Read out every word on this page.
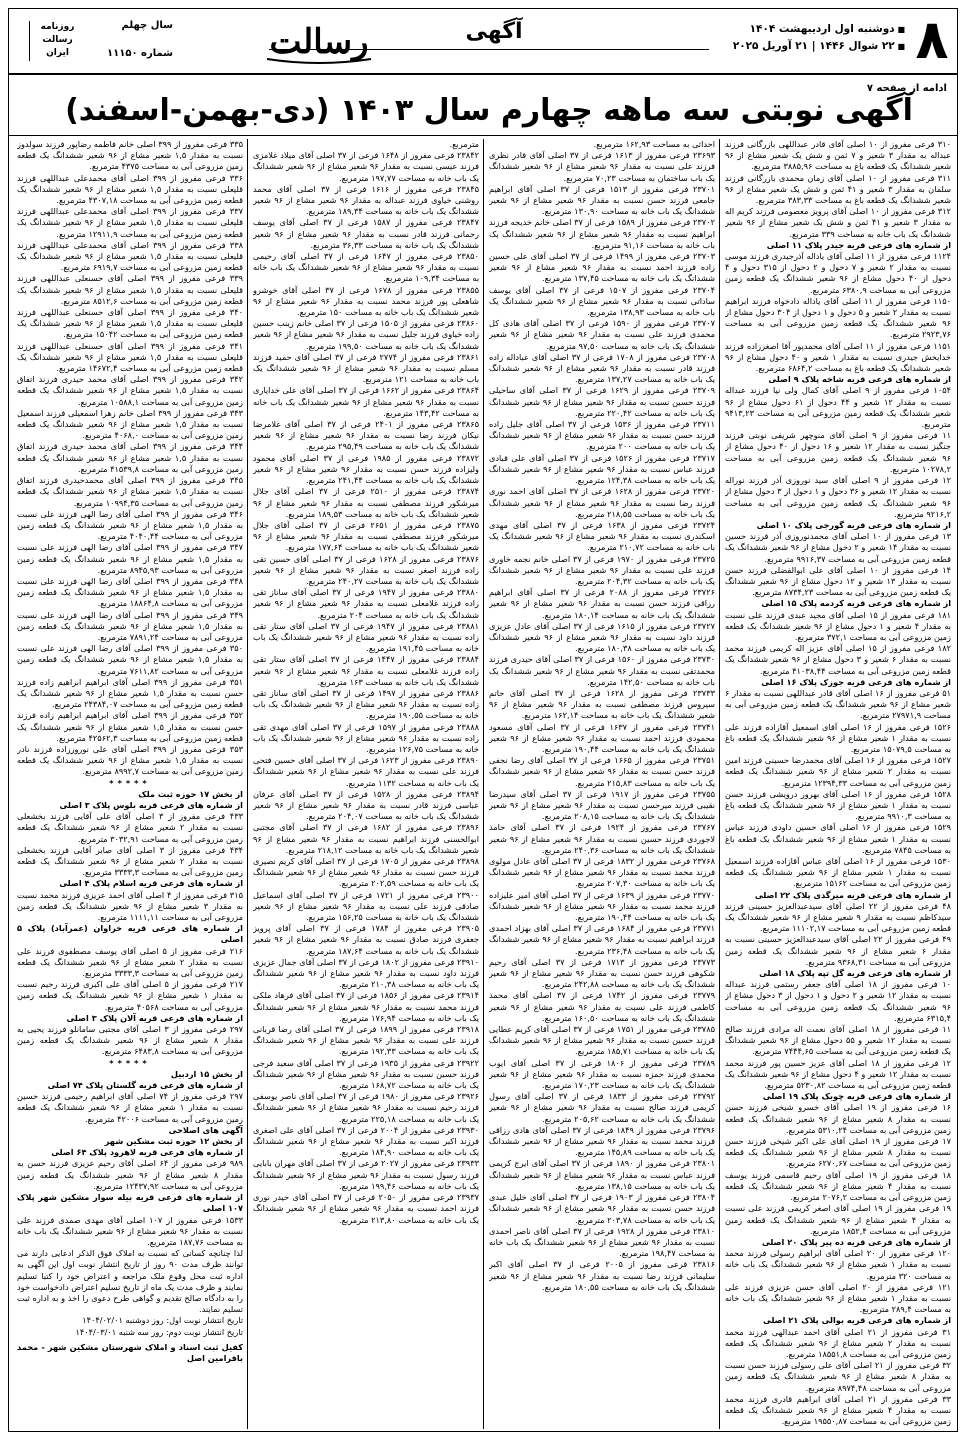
۸
■ دوشنبه اول اردیبهشت ۱۴۰۴
■ ۲۲ شوال ۱۴۴۶ | ۲۱ آوریل ۲۰۲۵
آگهی
رسالت
سال چهلم
شماره ۱۱۱۵۰
روزنامه
رسالت
ایران
ادامه از صفحه ۷
آگهی نوبتی سه ماهه چهارم سال ۱۴۰۳ (دی-بهمن-اسفند)
۳۱۰ فرعی مفروز از ۱۰ اصلی آقای قادر عبداللهی بازرگانی فرزند عبداله به مقدار ۳ شعیر و ۷ ثمن و شش یک شعیر مشاع از ۹۶ شعیر ششدانگ یک قطعه باغ به مساحت ۳۸۸۵,۹۶ مترمربع.
۳۱۱ فرعی مفروز از ۱۰ اصلی آقای زمان محمدی بازرگانی فرزند سلمان به مقدار ۳ شعیر و ۴۱ ثمن و شش یک شعیر مشاع از ۹۶ شعیر ششدانگ یک قطعه باغ به مساحت ۳۸۳,۳۳ مترمربع.
۳۱۲ فرعی مفروز از ۱۰ اصلی آقای پرویز معصومی فرزند کریم اله به مقدار ۳ شعیر و ۴۱ ثمن و شش یک شعیر مشاع از ۹۶ شعیر ششدانگ یک باب خانه به مساحت ۳۳۹ مترمربع.
از شماره های فرعی قریه جیدر پلاک ۱۱ اصلی
۱۱۲۴ فرعی مفروز از ۱۱ اصلی آقای یاداله آذرجیدری فرزند موسی نسبت به مقدار ۲ شعیر و ۷ دحول و ۲ دحول از ۳۱۵ دحول و ۴ دحول از ۴۰ دحول مشاع از ۹۶ شعیر ششدانگ یک قطعه زمین مزروعی آبی به مساحت ۶۳۸۰,۹ مترمربع.
۱۱۵۰ فرعی مفروز از ۱۱ اصلی آقای یاداله دادخواه فرزند ابراهیم نسبت به مقدار ۲ شعیر و ۵ دحول و ۱ دحول از ۳۰۴ دحول مشاع از ۹۶ شعیر ششدانگ یک قطعه زمین مزروعی آبی به مساحت ۲۹۲۳,۷۶ مترمربع.
۱۱۵۱ فرعی مفروز از ۱۱ اصلی آقای محمدپور آقا اصغرزاده فرزند خدابخش جیدری نسبت به مقدار ۱ شعیر و ۴۰ دحول مشاع از ۹۶ شعیر ششدانگ یک قطعه باغ به مساحت ۶۸۶۴,۲ مترمربع.
از شماره های فرعی قریه شاخه پلاک ۹ اصلی
۱۰۵۴ فرعی مفروز از ۹ اصلی آقای کمال ولی نیا فرزند عبداله نسبت به مقدار ۱۲ شعیر و ۴۴ دحول از ۶۱ دحول مشاع از ۹۶ شعیر ششدانگ یک قطعه زمین مزروعی آبی به مساحت ۹۴۱۳,۲۳ مترمربع.
۱۱ فرعی مفروز از ۹ اصلی آقای منوچهر شریفی نوبتی فرزند جنگیز نسبت به مقدار ۱۲ شعیر و ۱۶ دحول از ۴۰ دحول مشاع از ۹۶ شعیر ششدانگ یک قطعه زمین مزروعی آبی به مساحت ۱۰۲۷۸,۲ مترمربع.
۱۲ فرعی مفروز از ۹ اصلی آقای سید نوروزی آذر فرزند نوراله نسبت به مقدار ۱۲ شعیر و ۳۶ دحول و ۱ دحول از ۳ دحول مشاع از ۹۶ شعیر ششدانگ یک قطعه زمین مزروعی آبی به مساحت ۹۲۱۶,۲ مترمربع.
از شماره های فرعی قریه گورجی پلاک ۱۰ اصلی
۱۳ فرعی مفروز از ۱۰ اصلی آقای محمدنوروزی آذر فرزند حسین نسبت به مقدار ۱۴ شعیر و ۲ دحول مشاع از ۹۶ شعیر ششدانگ یک قطعه زمین مزروعی آبی به مساحت ۹۹۱۶,۳۷ مترمربع.
۱۴ فرعی مفروز از ۱۰ اصلی آقای علی ابوالفضلی فرزند حسن نسبت به مقدار ۱۳ شعیر و ۱۲ دحول مشاع از ۹۶ شعیر ششدانگ یک قطعه زمین مزروعی آبی به مساحت ۸۷۳۴,۲۳ مترمربع.
از شماره های فرعی قریه کردمه پلاک ۱۵ اصلی
۱۸۱ فرعی مفروز از ۱۵ اصلی آقای مجید عبدی فرزند علی نسبت به مقدار ۴ شعیر و ۱ دحول مشاع از ۹۶ شعیر ششدانگ یک قطعه زمین مزروعی آبی به مساحت ۳۷۲,۱ مترمربع.
۱۸۲ فرعی مفروز از ۱۵ اصلی آقای عزیز اله کریمی فرزند محمد نسبت به مقدار ۶ شعیر و ۳ دحول مشاع از ۹۶ شعیر ششدانگ یک قطعه زمین مزروعی آبی به مساحت ۴۱۰۳۸,۴۴ مترمربع.
از شماره های فرعی قریه جوزک پلاک ۱۶ اصلی
۵۱ فرعی مفروز از ۱۶ اصلی آقای قادر عبداللهی نسبت به مقدار ۶ شعیر مشاع از ۹۶ شعیر ششدانگ یک قطعه زمین مزروعی آبی به مساحت ۲۷۹۷۱,۹ مترمربع.
۱۵۲۶ فرعی مفروز از ۱۶ اصلی آقای اسمعیل آقازاده فرزند علی نسبت به مقدار ۱ شعیر مشاع از ۹۶ شعیر ششدانگ یک قطعه باغ به مساحت ۱۵۰۷۹,۵ مترمربع.
۱۵۲۷ فرعی مفروز از ۱۶ اصلی آقای محمدرضا حسینی فرزند امین نسبت به مقدار ۲ شعیر مشاع از ۹۶ شعیر ششدانگ یک قطعه زمین مزروعی آبی به مساحت ۱۲۳۹۴,۳۳ مترمربع.
۱۵۲۸ فرعی مفروز از ۱۶ اصلی آقای بهروز درویشی فرزند حسن نسبت به مقدار ۱ شعیر مشاع از ۹۶ شعیر ششدانگ یک قطعه باغ به مساحت ۹۹۱۰,۳ مترمربع.
۱۵۲۹ فرعی مفروز از ۱۶ اصلی آقای حسین داودی فرزند عباس نسبت به مقدار ۱ شعیر مشاع از ۹۶ شعیر ششدانگ یک قطعه باغ به مساحت ۷۸۴۵ مترمربع.
۱۵۳۰ فرعی مفروز از ۱۶ اصلی آقای عباس آقازاده فرزند اسمعیل نسبت به مقدار ۱ شعیر مشاع از ۹۶ شعیر ششدانگ یک قطعه زمین مزروعی آبی به مساحت ۱۵۱۶۲ مترمربع.
از شماره های فرعی قریه میرگدی پلاک ۲۲ اصلی
۴۸ فرعی مفروز از ۲۲ اصلی آقای سیدعبدالعزیز حسینی فرزند سیدکاظم نسبت به مقدار ۹ شعیر مشاع از ۹۶ شعیر ششدانگ یک قطعه زمین مزروعی آبی به مساحت ۱۱۱۰۲,۱۷ مترمربع.
۴۹ فرعی مفروز از ۲۲ اصلی آقای سیدعبدالعزیز حسینی نسبت به مقدار ۶ شعیر مشاع از ۹۶ شعیر ششدانگ یک قطعه زمین مزروعی آبی به مساحت ۹۳۶۸,۳۱ مترمربع.
از شماره های فرعی قریه گل تپه پلاک ۱۸ اصلی
۱۰ فرعی مفروز از ۱۸ اصلی آقای جعفر رستمی فرزند عبداله نسبت به مقدار ۱۲ شعیر و ۲ دحول و ۱ دحول از ۳ دحول مشاع از ۹۶ شعیر ششدانگ یک قطعه زمین مزروعی آبی به مساحت ۶۳۱۵,۴ مترمربع.
۱۱ فرعی مفروز از ۱۸ اصلی آقای نعمت اله مرادی فرزند صالح نسبت به مقدار ۱۲ شعیر و ۵۵ دحول مشاع از ۹۶ شعیر ششدانگ یک قطعه زمین مزروعی آبی به مساحت ۷۴۴۴,۶۵ مترمربع.
۱۲ فرعی مفروز از ۱۸ اصلی آقای عزیز حسین پور فرزند محمد نسبت به مقدار ۱۲ شعیر و ۴ دحول مشاع از ۹۶ شعیر ششدانگ یک قطعه زمین مزروعی آبی به مساحت ۵۲۳۰,۸۲ مترمربع.
از شماره های فرعی قریه چوبک پلاک ۱۹ اصلی
۱۶ فرعی مفروز از ۱۹ اصلی آقای خسرو شیخی فرزند حسن نسبت به مقدار ۸ شعیر مشاع از ۹۶ شعیر ششدانگ یک قطعه زمین مزروعی آبی به مساحت ۵۳۱۰,۲۴ مترمربع.
۱۷ فرعی مفروز از ۱۹ اصلی آقای علی اکبر شیخی فرزند حسن نسبت به مقدار ۸ شعیر مشاع از ۹۶ شعیر ششدانگ یک قطعه زمین مزروعی آبی به مساحت ۶۲۷۰,۶۷ مترمربع.
۱۸ فرعی مفروز از ۱۹ اصلی آقای رحیم قاسمی فرزند یوسف نسبت به مقدار ۴ شعیر مشاع از ۹۶ شعیر ششدانگ یک قطعه زمین مزروعی آبی به مساحت ۲۰۷۶,۲ مترمربع.
۱۹ فرعی مفروز از ۱۹ اصلی آقای اصغر کریمی فرزند علی نسبت به مقدار ۴ شعیر مشاع از ۹۶ شعیر ششدانگ یک قطعه زمین مزروعی آبی به مساحت ۱۸۵۲,۴ مترمربع.
از شماره های فرعی قریه ده پیر پلاک ۲۰ اصلی
۱۲۰ فرعی مفروز از ۲۰ اصلی آقای ابراهیم رسولی فرزند محمد نسبت به مقدار ۱ شعیر مشاع از ۹۶ شعیر ششدانگ یک باب خانه به مساحت ۳۲۰ مترمربع.
۱۲۱ فرعی مفروز از ۲۰ اصلی آقای حسن عزیزی فرزند علی نسبت به مقدار ۱ شعیر مشاع از ۹۶ شعیر ششدانگ یک باب خانه به مساحت ۲۸۹,۴ مترمربع.
از شماره های فرعی قریه بوالی پلاک ۲۱ اصلی
۳۱ فرعی مفروز از ۲۱ اصلی آقای احمد عبدالهی فرزند محمد نسبت به مقدار ۲ شعیر مشاع از ۹۶ شعیر ششدانگ یک قطعه زمین مزروعی آبی به مساحت ۱۸۵۵۱,۸ مترمربع.
۳۲ فرعی مفروز از ۲۱ اصلی آقای علی رسولی فرزند حسن نسبت به مقدار ۸ شعیر مشاع از ۹۶ شعیر ششدانگ یک قطعه زمین مزروعی آبی به مساحت ۸۹۷۴,۴۸ مترمربع.
۳۳ فرعی مفروز از ۲۱ اصلی آقای ابراهیم قادری فرزند محمد نسبت به مقدار ۴ شعیر مشاع از ۹۶ شعیر ششدانگ یک قطعه زمین مزروعی آبی به مساحت ۱۹۵۵۰,۸۷ مترمربع.
احداثی به مساحت ۱۶۲,۹۳ مترمربع.
۲۳۶۹۳ فرعی مفروز از ۱۶۱۳ فرعی از ۳۷ اصلی آقای قادر نظری فرزند علی نسبت به مقدار ۹۶ شعیر مشاع از ۹۶ شعیر ششدانگ یک باب ساختمان به مساحت ۷۰,۲۳ مترمربع.
۲۳۷۰۱ فرعی مفروز از ۱۵۱۳ فرعی از ۳۷ اصلی آقای ابراهیم جامعی فرزند حسن نسبت به مقدار ۹۶ شعیر مشاع از ۹۶ شعیر ششدانگ یک باب خانه به مساحت ۱۳۰,۹۰ مترمربع.
۲۳۷۰۲ فرعی مفروز از ۱۵۸۹ فرعی از ۳۷ اصلی خانم خدیجه فرزند ابراهیم نسبت به مقدار ۹۶ شعیر مشاع از ۹۶ شعیر ششدانگ یک باب خانه به مساحت ۹۱,۱۶ مترمربع.
۲۳۷۰۳ فرعی مفروز از ۱۴۹۹ فرعی از ۳۷ اصلی آقای علی حسین زاده فرزند احمد نسبت به مقدار ۹۶ شعیر مشاع از ۹۶ شعیر ششدانگ یک باب خانه به مساحت ۱۳۷,۴۵ مترمربع.
۲۳۷۰۴ فرعی مفروز از ۱۵۰۷ فرعی از ۳۷ اصلی آقای یوسف ساداتی نسبت به مقدار ۹۶ شعیر مشاع از ۹۶ شعیر ششدانگ یک باب خانه به مساحت ۱۳۸,۹۳ مترمربع.
۲۳۷۰۷ فرعی مفروز از ۱۵۹۰ فرعی از ۳۷ اصلی آقای هادی کل محمدی فرزند علی نسبت به مقدار ۹۶ شعیر مشاع از ۹۶ شعیر ششدانگ یک باب خانه به مساحت ۹۷,۵۰ مترمربع.
۲۳۷۰۸ فرعی مفروز از ۱۷۰۸ فرعی از ۳۷ اصلی آقای عباداله زاده فرزند قادر نسبت به مقدار ۹۶ شعیر مشاع از ۹۶ شعیر ششدانگ یک باب خانه به مساحت ۱۳۷,۲۷ مترمربع.
۲۳۷۰۹ فرعی مفروز از ۱۶۲۹ فرعی از ۳۷ اصلی آقای ساحیلی فرزند حسین نسبت به مقدار ۹۶ شعیر مشاع از ۹۶ شعیر ششدانگ یک باب خانه به مساحت ۲۲۰,۴۲ مترمربع.
۲۳۷۱۱ فرعی مفروز از ۱۵۳۶ فرعی از ۳۷ اصلی آقای جلیل زاده فرزند حسن نسبت به مقدار ۹۶ شعیر مشاع از ۹۶ شعیر ششدانگ یک باب خانه به مساحت ۲۰۰ مترمربع.
۲۳۷۱۷ فرعی مفروز از ۱۵۲۶ فرعی از ۳۷ اصلی آقای علی قبادی فرزند عباس نسبت به مقدار ۹۶ شعیر مشاع از ۹۶ شعیر ششدانگ یک باب خانه به مساحت ۱۲۴,۳۸ مترمربع.
۲۳۷۲۰ فرعی مفروز از ۱۶۲۸ فرعی از ۳۷ اصلی آقای احمد نوری فرزند رضا نسبت به مقدار ۹۶ شعیر مشاع از ۹۶ شعیر ششدانگ یک باب خانه به مساحت ۲۱۸,۵۵ مترمربع.
۲۳۷۲۴ فرعی مفروز از ۱۶۳۸ فرعی از ۳۷ اصلی آقای مهدی اسکندری نسبت به مقدار ۹۶ شعیر مشاع از ۹۶ شعیر ششدانگ یک باب خانه به مساحت ۲۱۰,۷۲ مترمربع.
۲۳۷۲۵ فرعی مفروز از ۱۹۷۰ فرعی از ۳۷ اصلی خانم نجمه خاوری فرزند علی نسبت به مقدار ۹۶ شعیر مشاع از ۹۶ شعیر ششدانگ یک باب خانه به مساحت ۲۰۴,۳۲ مترمربع.
۲۳۷۲۶ فرعی مفروز از ۲۰۸۸ فرعی از ۳۷ اصلی آقای ابراهیم رزاقی فرزند حسن نسبت به مقدار ۹۶ شعیر مشاع از ۹۶ شعیر ششدانگ یک باب خانه به مساحت ۱۸۰,۱۴ مترمربع.
۲۳۷۲۷ فرعی مفروز از ۱۶۱۵ فرعی از ۳۷ اصلی آقای عادل عزیزی فرزند داود نسبت به مقدار ۹۶ شعیر مشاع از ۹۶ شعیر ششدانگ یک باب خانه به مساحت ۱۸۰,۳۸ مترمربع.
۲۳۷۳۰ فرعی مفروز از ۱۵۶۰ فرعی از ۳۷ اصلی آقای حیدری فرزند محمدتقی نسبت به مقدار ۹۶ شعیر مشاع از ۹۶ شعیر ششدانگ یک باب خانه به مساحت ۱۴۲,۵۰ مترمربع.
۲۳۷۳۳ فرعی مفروز از ۱۶۲۸ فرعی از ۳۷ اصلی آقای حاتم سیروس فرزند مصطفی نسبت به مقدار ۹۶ شعیر مشاع از ۹۶ شعیر ششدانگ یک باب خانه به مساحت ۱۶۲,۱۴ مترمربع.
۲۳۷۴۱ فرعی مفروز از ۱۶۳۷ فرعی از ۳۷ اصلی آقای مسعود محمودی فرزند احمد نسبت به مقدار ۹۶ شعیر مشاع از ۹۶ شعیر ششدانگ یک باب خانه به مساحت ۱۹۰,۴۴ مترمربع.
۲۳۷۵۱ فرعی مفروز از ۱۶۶۵ فرعی از ۳۷ اصلی آقای رضا نجفی فرزند حسن نسبت به مقدار ۹۶ شعیر مشاع از ۹۶ شعیر ششدانگ یک باب خانه به مساحت ۲۱۵,۸۳ مترمربع.
۲۳۷۵۵ فرعی مفروز از ۱۹۱۷ فرعی از ۳۷ اصلی آقای سیدرضا نقیبی فرزند میرحسن نسبت به مقدار ۹۶ شعیر مشاع از ۹۶ شعیر ششدانگ یک باب خانه به مساحت ۲۰۸,۱۵ مترمربع.
۲۳۷۶۷ فرعی مفروز از ۱۹۲۴ فرعی از ۳۷ اصلی آقای حامد لاجوردی فرزند حسین نسبت به مقدار ۹۶ شعیر مشاع از ۹۶ شعیر ششدانگ یک باب خانه به مساحت ۲۴۰,۳۶ مترمربع.
۲۳۷۶۸ فرعی مفروز از ۱۸۳۲ فرعی از ۳۷ اصلی آقای عادل مولوی فرزند محمد نسبت به مقدار ۹۶ شعیر مشاع از ۹۶ شعیر ششدانگ یک باب خانه به مساحت ۲۰۷,۳۰ مترمربع.
۲۳۷۷۰ فرعی مفروز از ۱۶۳۹ فرعی از ۳۷ اصلی آقای امیر علیزاده فرزند محمد نسبت به مقدار ۹۶ شعیر مشاع از ۹۶ شعیر ششدانگ یک باب خانه به مساحت ۱۹۰,۴۴ مترمربع.
۲۳۷۷۱ فرعی مفروز از ۱۶۸۴ فرعی از ۳۷ اصلی آقای بهزاد احمدی فرزند ابراهیم نسبت به مقدار ۹۶ شعیر مشاع از ۹۶ شعیر ششدانگ یک باب خانه به مساحت ۲۳۶,۴۸ مترمربع.
۲۳۷۷۳ فرعی مفروز از ۱۷۱۳ فرعی از ۳۷ اصلی آقای رحیم شکوهی فرزند حسن نسبت به مقدار ۹۶ شعیر مشاع از ۹۶ شعیر ششدانگ یک باب خانه به مساحت ۲۴۲,۸۸ مترمربع.
۲۳۷۷۹ فرعی مفروز از ۱۷۴۲ فرعی از ۳۷ اصلی آقای محمد کاظمی فرزند علی نسبت به مقدار ۹۶ شعیر مشاع از ۹۶ شعیر ششدانگ یک باب خانه به مساحت ۱۶۰,۵۰ مترمربع.
۲۳۷۸۵ فرعی مفروز از ۱۷۵۱ فرعی از ۳۷ اصلی آقای کریم عطایی فرزند حسین نسبت به مقدار ۹۶ شعیر مشاع از ۹۶ شعیر ششدانگ یک باب خانه به مساحت ۱۸۵,۷۱ مترمربع.
۲۳۷۸۹ فرعی مفروز از ۱۸۰۶ فرعی از ۳۷ اصلی آقای ایوب محمدی فرزند حمزه نسبت به مقدار ۹۶ شعیر مشاع از ۹۶ شعیر ششدانگ یک باب خانه به مساحت ۱۷۰,۲۳ مترمربع.
۲۳۷۹۲ فرعی مفروز از ۱۸۳۳ فرعی از ۳۷ اصلی آقای رسول کریمی فرزند صالح نسبت به مقدار ۹۶ شعیر مشاع از ۹۶ شعیر ششدانگ یک باب خانه به مساحت ۲۰۵,۶۲ مترمربع.
۲۳۷۹۶ فرعی مفروز از ۱۸۴۹ فرعی از ۳۷ اصلی آقای هادی رزاقی فرزند محمد نسبت به مقدار ۹۶ شعیر مشاع از ۹۶ شعیر ششدانگ یک باب خانه به مساحت ۱۴۵,۸۹ مترمربع.
۲۳۸۰۱ فرعی مفروز از ۱۸۹۰ فرعی از ۳۷ اصلی آقای ایرج کریمی فرزند عباس نسبت به مقدار ۹۶ شعیر مشاع از ۹۶ شعیر ششدانگ یک باب خانه به مساحت ۱۳۸,۱۵ مترمربع.
۲۳۸۰۴ فرعی مفروز از ۱۹۰۳ فرعی از ۳۷ اصلی آقای خلیل عبدی فرزند حسن نسبت به مقدار ۹۶ شعیر مشاع از ۹۶ شعیر ششدانگ یک باب خانه به مساحت ۲۰۳,۷۸ مترمربع.
۲۳۸۱۰ فرعی مفروز از ۱۹۲۸ فرعی از ۳۷ اصلی آقای ناصر احمدی نسبت به مقدار ۹۶ شعیر مشاع از ۹۶ شعیر ششدانگ یک باب خانه به مساحت ۱۹۸,۴۷ مترمربع.
۲۳۸۱۶ فرعی مفروز از ۲۰۰۵ فرعی از ۳۷ اصلی آقای اکبر سلیمانی فرزند رضا نسبت به مقدار ۹۶ شعیر مشاع از ۹۶ شعیر ششدانگ یک باب خانه به مساحت ۱۸۰,۵۵ مترمربع.
مترمربع.
۲۳۸۴۲ فرعی مفروز از ۱۶۴۸ فرعی از ۳۷ اصلی آقای میلاد غلامزی فرزند عیسی نسبت به مقدار ۹۶ شعیر مشاع از ۹۶ شعیر ششدانگ یک باب خانه به مساحت ۱۹۷,۷۷ مترمربع.
۲۳۸۴۵ فرعی مفروز از ۱۶۱۶ فرعی از ۳۷ اصلی آقای محمد روشنی خیاوی فرزند عبداله به مقدار ۹۶ شعیر مشاع از ۹۶ شعیر ششدانگ یک باب خانه به مساحت ۱۸۹,۳۴ مترمربع.
۲۳۸۴۷ فرعی مفروز از ۱۵۸۷ فرعی از ۳۷ اصلی آقای یوسف رحمانی فرزند قادر نسبت به مقدار ۹۶ شعیر مشاع از ۹۶ شعیر ششدانگ یک باب خانه به مساحت ۳۶,۳۳ مترمربع.
۲۳۸۵۰ فرعی مفروز از ۱۶۴۷ فرعی از ۳۷ اصلی آقای رحیمی نسبت به مقدار ۹۶ شعیر مشاع از ۹۶ شعیر ششدانگ یک باب خانه به مساحت ۱۰۹,۳۴ مترمربع.
۲۳۸۵۵ فرعی مفروز از ۱۶۷۸ فرعی از ۳۷ اصلی آقای خوشرو شاهعلی پور فرزند محمد نسبت به مقدار ۹۶ شعیر مشاع از ۹۶ شعیر ششدانگ یک باب خانه به مساحت ۱۵۰ مترمربع.
۲۳۸۶۰ فرعی مفروز از ۱۵۰۵ فرعی از ۳۷ اصلی خانم زینب حسین زاده خیاوی فرزند جلیل نسبت به مقدار ۹۶ شعیر مشاع از ۹۶ شعیر ششدانگ یک باب خانه به مساحت ۱۹۹,۵۰ مترمربع.
۲۳۸۶۱ فرعی مفروز از ۲۷۷۴ فرعی از ۳۷ اصلی آقای حمید فرزند مسلم نسبت به مقدار ۹۶ شعیر مشاع از ۹۶ شعیر ششدانگ یک باب خانه به مساحت ۱۲۱ مترمربع.
۲۳۸۶۴ فرعی مفروز از ۱۶۶۲ فرعی از ۳۷ اصلی آقای علی خدایاری نسبت به مقدار ۹۶ شعیر مشاع از ۹۶ شعیر ششدانگ یک باب خانه به مساحت ۱۴۳,۴۲ مترمربع.
۲۳۸۶۵ فرعی مفروز از ۲۴۰۱ فرعی از ۳۷ اصلی آقای غلامرضا نیکان فرزند رضا نسبت به مقدار ۹۶ شعیر مشاع از ۹۶ شعیر ششدانگ یک باب خانه به مساحت ۲۹۵,۴۹ مترمربع.
۲۳۸۷۲ فرعی مفروز از ۱۹۸۵ فرعی از ۳۷ اصلی آقای محمود ولیزاده فرزند حسن نسبت به مقدار ۹۶ شعیر مشاع از ۹۶ شعیر ششدانگ یک باب خانه به مساحت ۲۴۱,۴۴ مترمربع.
۲۳۸۷۴ فرعی مفروز از ۲۵۱۰ فرعی از ۳۷ اصلی آقای جلال میرشکور فرزند مصطفی نسبت به مقدار ۹۶ شعیر مشاع از ۹۶ شعیر ششدانگ یک باب خانه به مساحت ۱۸۹,۵۳ مترمربع.
۲۳۸۷۵ فرعی مفروز از ۲۶۵۱ فرعی از ۳۷ اصلی آقای جلال میرشکور فرزند مصطفی نسبت به مقدار ۹۶ شعیر مشاع از ۹۶ شعیر ششدانگ یک باب خانه به مساحت ۱۷۷,۶۴ مترمربع.
۲۳۸۷۶ فرعی مفروز از ۱۶۲۸ فرعی از ۳۷ اصلی آقای حسین تقی زاده فرزند اصغر نسبت به مقدار ۹۶ شعیر مشاع از ۹۶ شعیر ششدانگ یک باب خانه به مساحت ۲۴۰,۲۷ مترمربع.
۲۳۸۸۰ فرعی مفروز از ۱۹۴۷ فرعی از ۳۷ اصلی آقای ساناز تقی زاده فرزند غلامعلی نسبت به مقدار ۹۶ شعیر مشاع از ۹۶ شعیر ششدانگ یک باب خانه به مساحت ۲۰۴ مترمربع.
۲۳۸۸۱ فرعی مفروز از ۱۹۴۷ فرعی از ۳۷ اصلی آقای ستار تقی زاده نسبت به مقدار ۹۶ شعیر مشاع از ۹۶ شعیر ششدانگ یک باب خانه به مساحت ۱۹۱,۴۵ مترمربع.
۲۳۸۸۴ فرعی مفروز از ۱۴۴۷ فرعی از ۳۷ اصلی آقای ستار تقی زاده فرزند غلامعلی نسبت به مقدار ۹۶ شعیر مشاع از ۹۶ شعیر ششدانگ یک باب خانه به مساحت ۱۶۳ مترمربع.
۲۳۸۸۶ فرعی مفروز از ۱۴۹۷ فرعی از ۳۷ اصلی آقای ساناز تقی زاده نسبت به مقدار ۹۶ شعیر مشاع از ۹۶ شعیر ششدانگ یک باب خانه به مساحت ۱۹۰,۵۵ مترمربع.
۲۳۸۸۸ فرعی مفروز از ۱۵۹۷ فرعی از ۳۷ اصلی آقای مهدی تقی زاده نسبت به مقدار ۹۶ شعیر مشاع از ۹۶ شعیر ششدانگ یک باب خانه به مساحت ۱۲۶,۷۵ مترمربع.
۲۳۸۹۰ فرعی مفروز از ۱۶۲۳ فرعی از ۳۷ اصلی آقای حسین فتحی فرزند علی نسبت به مقدار ۹۶ شعیر مشاع از ۹۶ شعیر ششدانگ یک باب خانه به مساحت ۱۱۳۲ مترمربع.
۲۳۸۹۴ فرعی مفروز از ۱۵۲۸ فرعی از ۳۷ اصلی آقای عرفان عباسی فرزند قادر نسبت به مقدار ۹۶ شعیر مشاع از ۹۶ شعیر ششدانگ یک باب خانه به مساحت ۲۰۴,۰۷ مترمربع.
۲۳۸۹۶ فرعی مفروز از ۱۶۸۲ فرعی از ۳۷ اصلی آقای مجتبی ابوالحسنی فرزند ابراهیم نسبت به مقدار ۹۶ شعیر مشاع از ۹۶ شعیر ششدانگ یک باب خانه به مساحت ۲۱۸,۱۲ مترمربع.
۲۳۸۹۸ فرعی مفروز از ۱۷۰۵ فرعی از ۳۷ اصلی آقای کریم نصیری فرزند حسن نسبت به مقدار ۹۶ شعیر مشاع از ۹۶ شعیر ششدانگ یک باب خانه به مساحت ۲۰۲,۵۹ مترمربع.
۲۳۹۰۰ فرعی مفروز از ۱۷۲۱ فرعی از ۳۷ اصلی آقای اسماعیل صادقی فرزند علی نسبت به مقدار ۹۶ شعیر مشاع از ۹۶ شعیر ششدانگ یک باب خانه به مساحت ۱۵۶,۲۵ مترمربع.
۲۳۹۰۵ فرعی مفروز از ۱۷۸۴ فرعی از ۳۷ اصلی آقای پرویز جعفری فرزند صادق نسبت به مقدار ۹۶ شعیر مشاع از ۹۶ شعیر ششدانگ یک باب خانه به مساحت ۱۸۷,۶۴ مترمربع.
۲۳۹۱۰ فرعی مفروز از ۱۸۰۲ فرعی از ۳۷ اصلی آقای جمال عزیزی فرزند داود نسبت به مقدار ۹۶ شعیر مشاع از ۹۶ شعیر ششدانگ یک باب خانه به مساحت ۲۱۰,۳۸ مترمربع.
۲۳۹۱۴ فرعی مفروز از ۱۸۵۶ فرعی از ۳۷ اصلی آقای فرهاد ملکی فرزند محمد نسبت به مقدار ۹۶ شعیر مشاع از ۹۶ شعیر ششدانگ یک باب خانه به مساحت ۱۷۶,۹۴ مترمربع.
۲۳۹۱۸ فرعی مفروز از ۱۸۹۹ فرعی از ۳۷ اصلی آقای رضا قربانی فرزند علی نسبت به مقدار ۹۶ شعیر مشاع از ۹۶ شعیر ششدانگ یک باب خانه به مساحت ۱۹۲,۳۳ مترمربع.
۲۳۹۲۲ فرعی مفروز از ۱۹۳۵ فرعی از ۳۷ اصلی آقای سعید فرجی فرزند حسین نسبت به مقدار ۹۶ شعیر مشاع از ۹۶ شعیر ششدانگ یک باب خانه به مساحت ۱۶۸,۷۲ مترمربع.
۲۳۹۲۶ فرعی مفروز از ۱۹۸۰ فرعی از ۳۷ اصلی آقای ناصر یوسفی فرزند رحیم نسبت به مقدار ۹۶ شعیر مشاع از ۹۶ شعیر ششدانگ یک باب خانه به مساحت ۲۲۵,۱۸ مترمربع.
۲۳۹۳۰ فرعی مفروز از ۲۰۰۴ فرعی از ۳۷ اصلی آقای علی اصغری فرزند اکبر نسبت به مقدار ۹۶ شعیر مشاع از ۹۶ شعیر ششدانگ یک باب خانه به مساحت ۱۸۴,۹۰ مترمربع.
۲۳۹۳۳ فرعی مفروز از ۲۰۲۷ فرعی از ۳۷ اصلی آقای مهران بابایی فرزند رسول نسبت به مقدار ۹۶ شعیر مشاع از ۹۶ شعیر ششدانگ یک باب خانه به مساحت ۱۹۹,۴۶ مترمربع.
۲۳۹۳۷ فرعی مفروز از ۲۰۵۰ فرعی از ۳۷ اصلی آقای حیدر نوری فرزند احمد نسبت به مقدار ۹۶ شعیر مشاع از ۹۶ شعیر ششدانگ یک باب خانه به مساحت ۲۱۳,۸۰ مترمربع.
۳۳۵ فرعی مفروز از ۳۹۹ اصلی خانم فاطمه رضاپور فرزند سولدوز نسبت به مقدار ۱,۵ شعیر مشاع از ۹۶ شعیر ششدانگ یک قطعه زمین مزروعی آبی به مساحت ۴۳۷۵ مترمربع.
۳۳۶ فرعی مفروز از ۳۹۹ اصلی آقای محمدعلی عبداللهی فرزند قلیعلی نسبت به مقدار ۱,۵ شعیر مشاع از ۹۶ شعیر ششدانگ یک قطعه زمین مزروعی آبی به مساحت ۴۳۰۷,۱۸ مترمربع.
۳۳۷ فرعی مفروز از ۳۹۹ اصلی آقای محمدعلی عبداللهی فرزند قلیعلی نسبت به مقدار ۱,۵ شعیر مشاع از ۹۶ شعیر ششدانگ یک قطعه زمین مزروعی آبی به مساحت ۱۲۹۱۱,۹ مترمربع.
۳۳۸ فرعی مفروز از ۳۹۹ اصلی آقای محمدعلی عبداللهی فرزند قلیعلی نسبت به مقدار ۱,۵ شعیر مشاع از ۹۶ شعیر ششدانگ یک قطعه زمین مزروعی آبی به مساحت ۶۹۱۹,۷ مترمربع.
۳۳۹ فرعی مفروز از ۳۹۹ اصلی آقای حسنعلی عبداللهی فرزند قلیعلی نسبت به مقدار ۱,۵ شعیر مشاع از ۹۶ شعیر ششدانگ یک قطعه زمین مزروعی آبی به مساحت ۸۵۱۲,۶ مترمربع.
۳۴۰ فرعی مفروز از ۳۹۹ اصلی آقای حسنعلی عبداللهی فرزند قلیعلی نسبت به مقدار ۱,۵ شعیر مشاع از ۹۶ شعیر ششدانگ یک قطعه زمین مزروعی آبی به مساحت ۱۵۰۴۲ مترمربع.
۳۴۱ فرعی مفروز از ۳۹۹ اصلی آقای حسنعلی عبداللهی فرزند قلیعلی نسبت به مقدار ۱,۵ شعیر مشاع از ۹۶ شعیر ششدانگ یک قطعه زمین مزروعی آبی به مساحت ۱۴۶۷۲,۴ مترمربع.
۳۴۲ فرعی مفروز از ۳۹۹ اصلی آقای محمد حیدری فرزند اتفاق نسبت به مقدار ۱,۵ شعیر مشاع از ۹۶ شعیر ششدانگ یک قطعه زمین مزروعی آبی به مساحت ۱۰۵۸۸,۱ مترمربع.
۳۴۳ فرعی مفروز از ۳۹۹ اصلی خانم زهرا اسمعیلی فرزند اسمعیل نسبت به مقدار ۱,۵ شعیر مشاع از ۹۶ شعیر ششدانگ یک قطعه زمین مزروعی آبی به مساحت ۴۰۶۸,۰ مترمربع.
۳۴۴ فرعی مفروز از ۳۹۹ اصلی آقای محمد حیدری فرزند اتفاق نسبت به مقدار ۱,۵ شعیر مشاع از ۹۶ شعیر ششدانگ یک قطعه زمین مزروعی آبی به مساحت ۴۱۵۳۹,۸ مترمربع.
۳۴۵ فرعی مفروز از ۳۹۹ اصلی آقای محمدحیدری فرزند اتفاق نسبت به مقدار ۱,۵ شعیر مشاع از ۹۶ شعیر ششدانگ یک قطعه زمین مزروعی آبی به مساحت ۱۰۹۹۴,۳۵ مترمربع.
۳۴۶ فرعی مفروز از ۳۹۹ اصلی آقای رضا الهی فرزند علی نسبت به مقدار ۱,۵ شعیر مشاع از ۹۶ شعیر ششدانگ یک قطعه زمین مزروعی آبی به مساحت ۴۰۴۰,۴۴ مترمربع.
۳۴۷ فرعی مفروز از ۳۹۹ اصلی آقای رضا الهی فرزند علی نسبت به مقدار ۱,۵ شعیر مشاع از ۹۶ شعیر ششدانگ یک قطعه زمین مزروعی آبی به مساحت ۸۹۴۵,۹۳ مترمربع.
۳۴۸ فرعی مفروز از ۳۹۹ اصلی آقای رضا الهی فرزند علی نسبت به مقدار ۱,۵ شعیر مشاع از ۹۶ شعیر ششدانگ یک قطعه زمین مزروعی آبی به مساحت ۱۸۸۶۴,۸ مترمربع.
۳۴۹ فرعی مفروز از ۳۹۹ اصلی آقای رضا الهی فرزند علی نسبت به مقدار ۱,۵ شعیر مشاع از ۹۶ شعیر ششدانگ یک قطعه زمین مزروعی آبی به مساحت ۷۸۹۱,۲۴ مترمربع.
۳۵۰ فرعی مفروز از ۳۹۹ اصلی آقای رضا الهی فرزند علی نسبت به مقدار ۱,۵ شعیر مشاع از ۹۶ شعیر ششدانگ یک قطعه زمین مزروعی آبی به مساحت ۷۶۱۱,۸۲ مترمربع.
۳۵۱ فرعی مفروز از ۳۹۹ اصلی آقای ابراهیم ابراهیم زاده فرزند حسن نسبت به مقدار ۱,۵ شعیر مشاع از ۹۶ شعیر ششدانگ یک قطعه زمین مزروعی آبی به مساحت ۲۴۳۸۴,۰۷ مترمربع.
۳۵۲ فرعی مفروز از ۳۹۹ اصلی آقای ابراهیم ابراهیم زاده فرزند حسن نسبت به مقدار ۱,۵ شعیر مشاع از ۹۶ شعیر ششدانگ یک قطعه زمین مزروعی آبی به مساحت ۴۲۵۶۲,۳ مترمربع.
۳۵۳ فرعی مفروز از ۳۹۹ اصلی آقای علی نوروززاده فرزند نادر نسبت به مقدار ۱,۵ شعیر مشاع از ۹۶ شعیر ششدانگ یک قطعه زمین مزروعی آبی به مساحت ۸۹۹۲,۷ مترمربع.
*****
از بخش ۱۷ حوزه ثبت ملک
از شماره های فرعی قریه بلوس پلاک ۳ اصلی
۴۳۳ فرعی مفروز از ۳ اصلی آقای علی آقایی فرزند بخشعلی نسبت به مقدار ۲ شعیر مشاع از ۹۶ شعیر ششدانگ یک قطعه زمین مزروعی آبی به مساحت ۳۰۳۲,۹۱ مترمربع.
۴۳۴ فرعی مفروز از ۳ اصلی آقای صابر آقایی فرزند بخشعلی نسبت به مقدار ۲ شعیر مشاع از ۹۶ شعیر ششدانگ یک قطعه زمین مزروعی آبی به مساحت ۳۳۳۳,۳ مترمربع.
از شماره های فرعی قریه اسلام پلاک ۴ اصلی
۳۱۵ فرعی مفروز از ۴ اصلی آقای احمد عزیزی فرزند محمد نسبت به مقدار ۳ شعیر مشاع از ۹۶ شعیر ششدانگ یک قطعه زمین مزروعی آبی به مساحت ۱۱۱۱,۱۱ مترمربع.
از شماره های فرعی قریه خراوان (عمرآباد) پلاک ۵ اصلی
۲۱۶ فرعی مفروز از ۵ اصلی آقای یوسف مصطفوی فرزند علی نسبت به مقدار ۲ شعیر مشاع از ۹۶ شعیر ششدانگ یک قطعه زمین مزروعی آبی به مساحت ۳۳۳۳,۳ مترمربع.
۲۱۷ فرعی مفروز از ۵ اصلی آقای علی اکبری فرزند رحیم نسبت به مقدار ۱ شعیر مشاع از ۹۶ شعیر ششدانگ یک قطعه زمین مزروعی آبی به مساحت ۴۰۵۶۸ مترمربع.
از شماره های فرعی قریه آلان پلاک ۳ اصلی
۲۹۷ فرعی مفروز از ۳ اصلی آقای مجتبی سامانلو فرزند یحیی به مقدار ۸ شعیر مشاع از ۹۶ شعیر ششدانگ یک قطعه زمین مزروعی آبی به مساحت ۶۴۸۳,۸ مترمربع.
*****
از بخش ۱۵ اردبیل
از شماره های فرعی قریه گلستان پلاک ۷۴ اصلی
۲۹۷ فرعی مفروز از ۷۴ اصلی آقای ابراهیم رحیمی فرزند حسین نسبت به مقدار ۱ شعیر مشاع از ۹۶ شعیر ششدانگ یک قطعه زمین مزروعی آبی به مساحت ۴۲۰۰۶ مترمربع.
آگهی های اصلاحی
از بخش ۱۲ حوزه ثبت مشکین شهر
از شماره های فرعی قریه لاهرود پلاک ۶۴ اصلی
۹۸۹ فرعی مفروز از ۶۴ اصلی آقای رحیم عزیزی فرزند حسن به مقدار ۸ شعیر مشاع از ۹۶ شعیر ششدانگ یک قطعه زمین مزروعی آبی به مساحت ۱۲۴۳۷,۹۲ مترمربع.
از شماره های فرعی قریه بیله سوار مشکین شهر پلاک ۱۰۷ اصلی
۱۵۳۳ فرعی مفروز از ۱۰۷ اصلی آقای مهدی صمدی فرزند علی نسبت به مقدار ۹۶ شعیر مشاع از ۹۶ شعیر ششدانگ یک باب خانه به مساحت ۱۸۷,۷۶ مترمربع.
لذا چنانچه کسانی که نسبت به املاک فوق الذکر ادعایی دارند می توانند ظرف مدت ۹۰ روز از تاریخ انتشار نوبت اول این آگهی به اداره ثبت محل وقوع ملک مراجعه و اعتراض خود را کتبا تسلیم نمایند و ظرف مدت یک ماه از تاریخ تسلیم اعتراض دادخواست خود را به دادگاه صالح تقدیم و گواهی طرح دعوی را اخذ و به اداره ثبت تسلیم نمایند.
تاریخ انتشار نوبت اول: روز دوشنبه ۱۴۰۴/۰۲/۰۱
تاریخ انتشار نوبت دوم: روز سه شنبه ۱۴۰۴/۰۳/۰۱
کفیل ثبت اسناد و املاک شهرستان مشکین شهر - محمد باقرامین اصل
